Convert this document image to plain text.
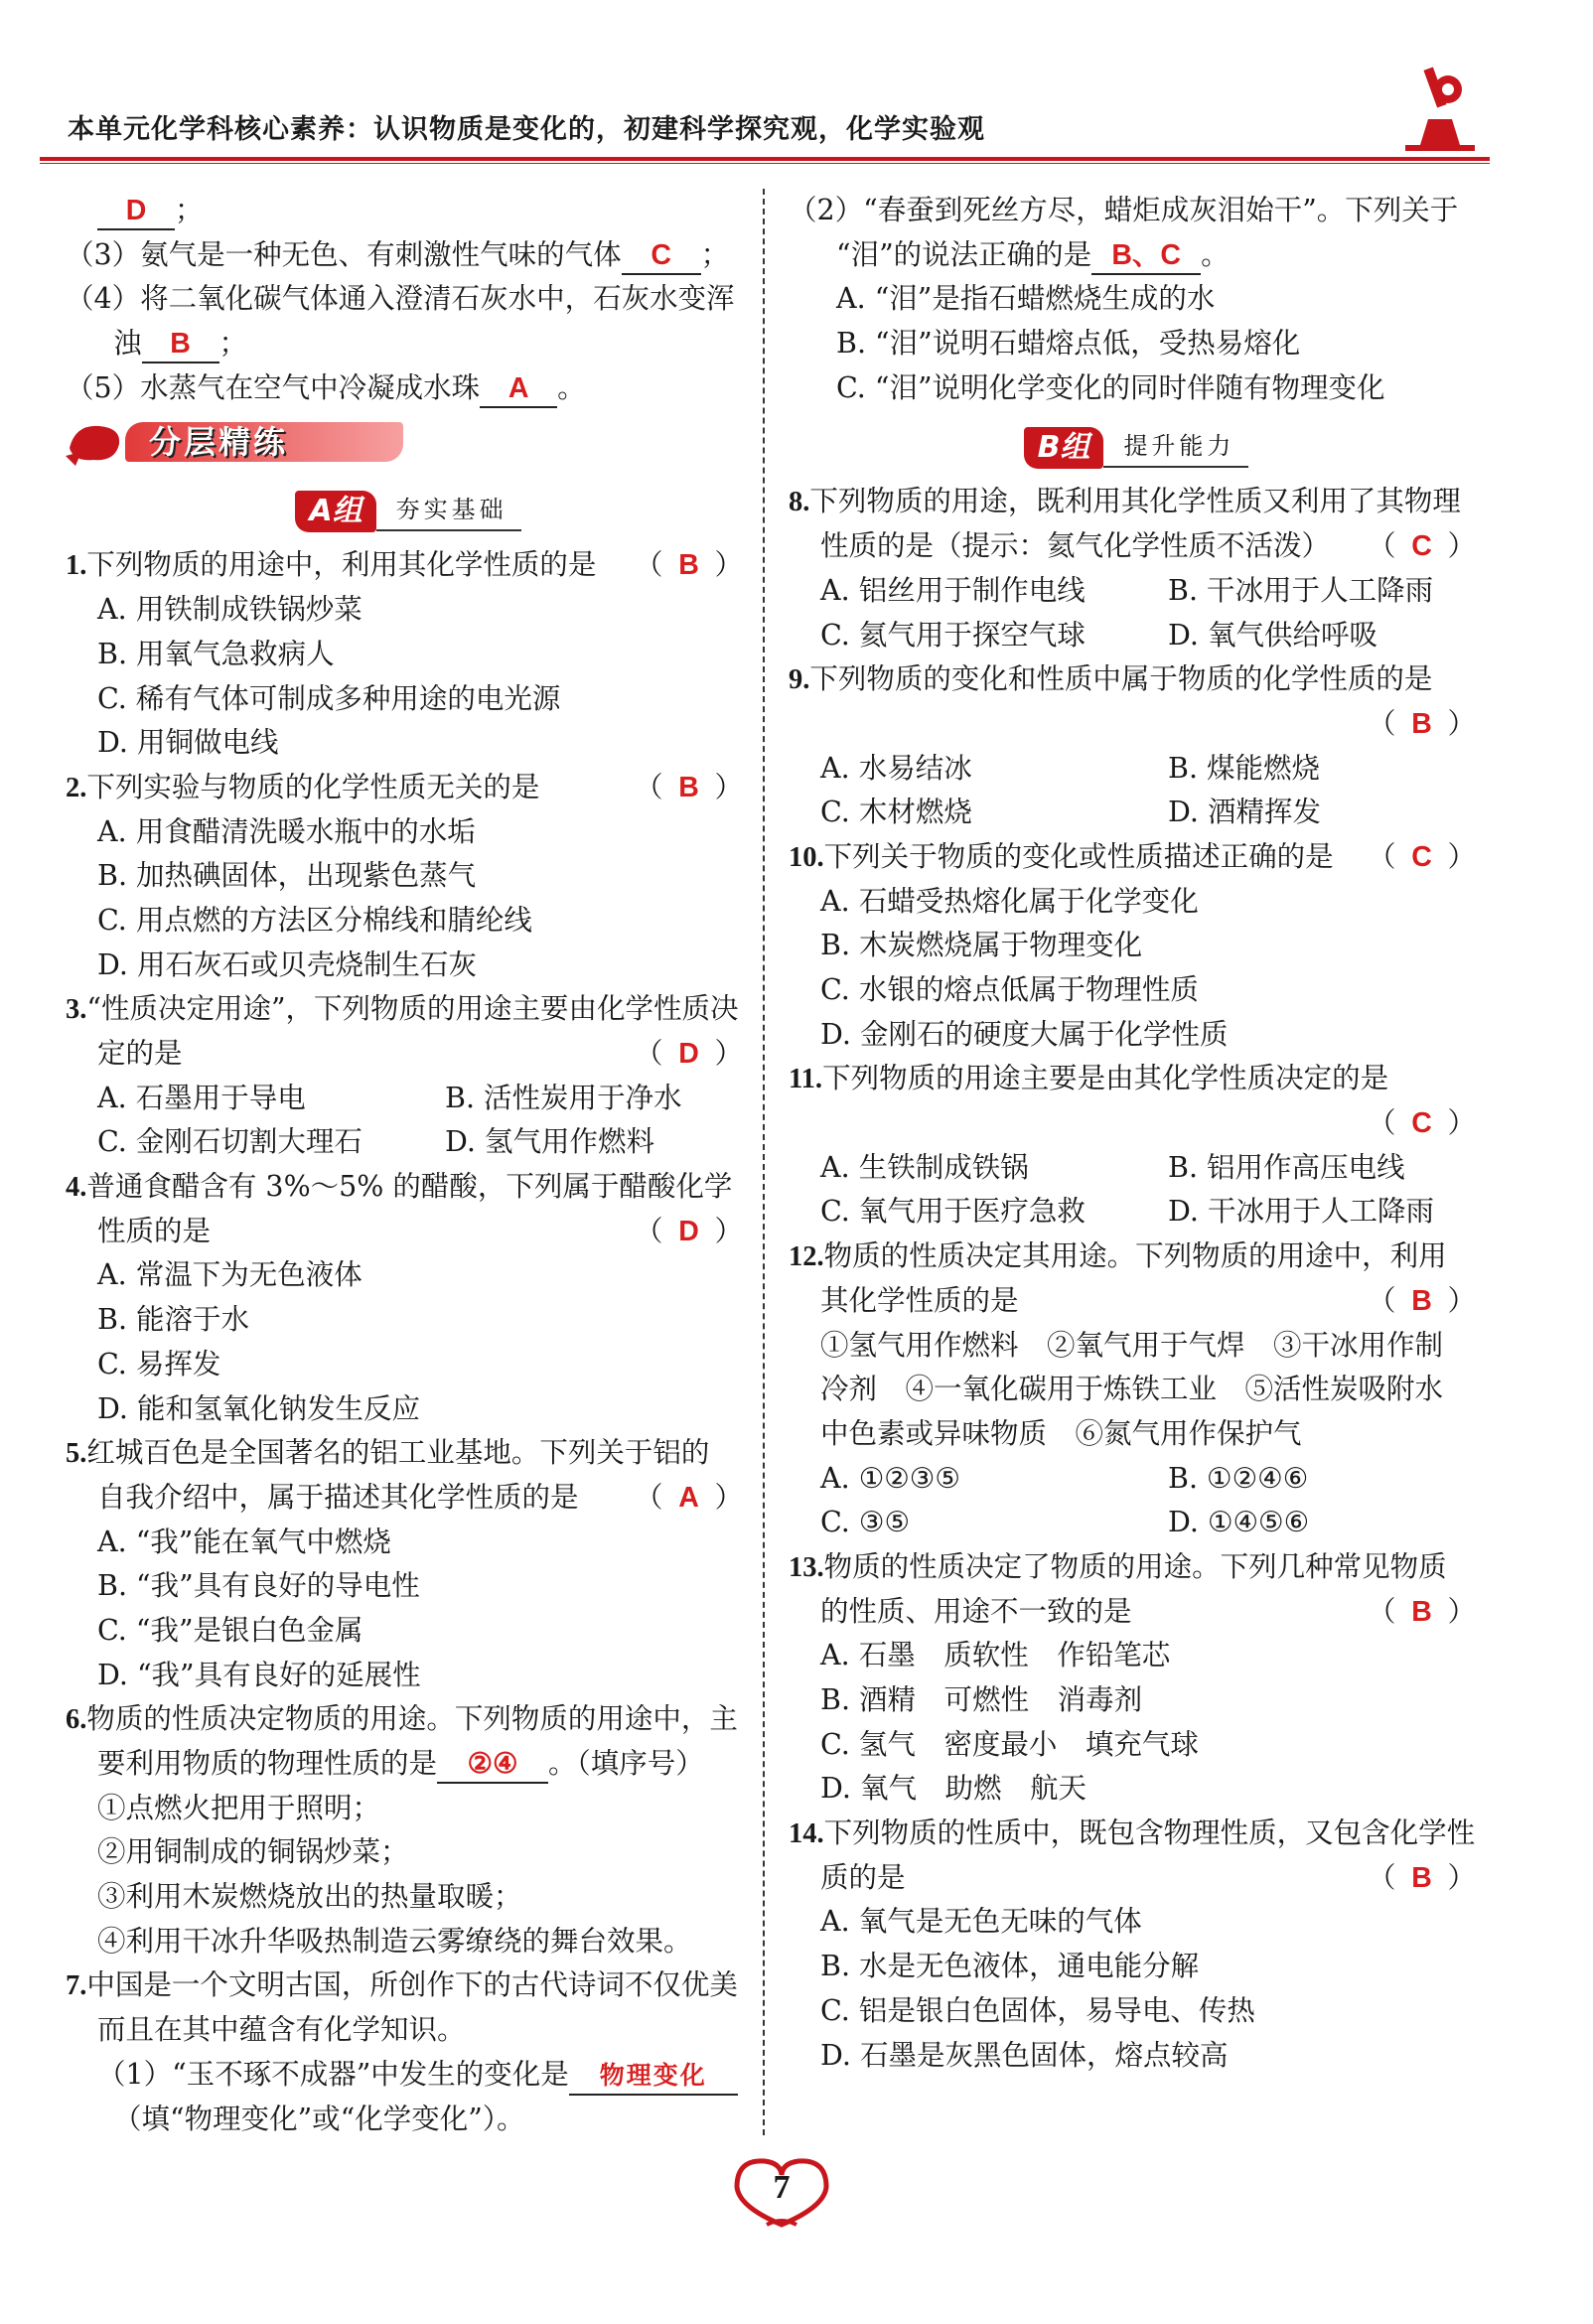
本单元化学科核心素养：认识物质是变化的，初建科学探究观，化学实验观
D ；
（3）氨气是一种无色、有刺激性气味的气体 C ；
（4）将二氧化碳气体通入澄清石灰水中，石灰水变浑
浊 B ；
（5）水蒸气在空气中冷凝成水珠 A 。
分层精练
A组 夯实基础
1.下列物质的用途中，利用其化学性质的是 （ B ）
A. 用铁制成铁锅炒菜
B. 用氧气急救病人
C. 稀有气体可制成多种用途的电光源
D. 用铜做电线
2.下列实验与物质的化学性质无关的是	（ B ）
A. 用食醋清洗暖水瓶中的水垢
B. 加热碘固体，出现紫色蒸气
C. 用点燃的方法区分棉线和腈纶线
D. 用石灰石或贝壳烧制生石灰
3.“性质决定用途”，下列物质的用途主要由化学性质决
定的是	（ D ）
A. 石墨用于导电	B. 活性炭用于净水
C. 金刚石切割大理石	D. 氢气用作燃料
4.普通食醋含有 3%～5% 的醋酸，下列属于醋酸化学
性质的是	（ D ）
A. 常温下为无色液体
B. 能溶于水
C. 易挥发
D. 能和氢氧化钠发生反应
5.红城百色是全国著名的铝工业基地。下列关于铝的
自我介绍中，属于描述其化学性质的是 （ A ）
A. “我”能在氧气中燃烧
B. “我”具有良好的导电性
C. “我”是银白色金属
D. “我”具有良好的延展性
6.物质的性质决定物质的用途。下列物质的用途中，主
要利用物质的物理性质的是 ②④ 。（填序号）
①点燃火把用于照明；
②用铜制成的铜锅炒菜；
③利用木炭燃烧放出的热量取暖；
④利用干冰升华吸热制造云雾缭绕的舞台效果。
7.中国是一个文明古国，所创作下的古代诗词不仅优美
而且在其中蕴含有化学知识。
（1）“玉不琢不成器”中发生的变化是 物理变化
（填“物理变化”或“化学变化”）。
（2）“春蚕到死丝方尽，蜡炬成灰泪始干”。下列关于
“泪”的说法正确的是 B、C 。
A. “泪”是指石蜡燃烧生成的水
B. “泪”说明石蜡熔点低，受热易熔化
C. “泪”说明化学变化的同时伴随有物理变化
B组 提升能力
8.下列物质的用途，既利用其化学性质又利用了其物理
性质的是（提示：氦气化学性质不活泼） （ C ）
A. 铝丝用于制作电线	B. 干冰用于人工降雨
C. 氦气用于探空气球	D. 氧气供给呼吸
9.下列物质的变化和性质中属于物质的化学性质的是
（ B ）
A. 水易结冰	B. 煤能燃烧
C. 木材燃烧	D. 酒精挥发
10.下列关于物质的变化或性质描述正确的是 （ C ）
A. 石蜡受热熔化属于化学变化
B. 木炭燃烧属于物理变化
C. 水银的熔点低属于物理性质
D. 金刚石的硬度大属于化学性质
11.下列物质的用途主要是由其化学性质决定的是
（ C ）
A. 生铁制成铁锅	B. 铝用作高压电线
C. 氧气用于医疗急救	D. 干冰用于人工降雨
12.物质的性质决定其用途。下列物质的用途中，利用
其化学性质的是	（ B ）
①氢气用作燃料　②氧气用于气焊　③干冰用作制
冷剂　④一氧化碳用于炼铁工业　⑤活性炭吸附水
中色素或异味物质　⑥氮气用作保护气
A. ①②③⑤	B. ①②④⑥
C. ③⑤	D. ①④⑤⑥
13.物质的性质决定了物质的用途。下列几种常见物质
的性质、用途不一致的是	（ B ）
A. 石墨　质软性　作铅笔芯
B. 酒精　可燃性　消毒剂
C. 氢气　密度最小　填充气球
D. 氧气　助燃　航天
14.下列物质的性质中，既包含物理性质，又包含化学性
质的是	（ B ）
A. 氧气是无色无味的气体
B. 水是无色液体，通电能分解
C. 铝是银白色固体，易导电、传热
D. 石墨是灰黑色固体，熔点较高
7
